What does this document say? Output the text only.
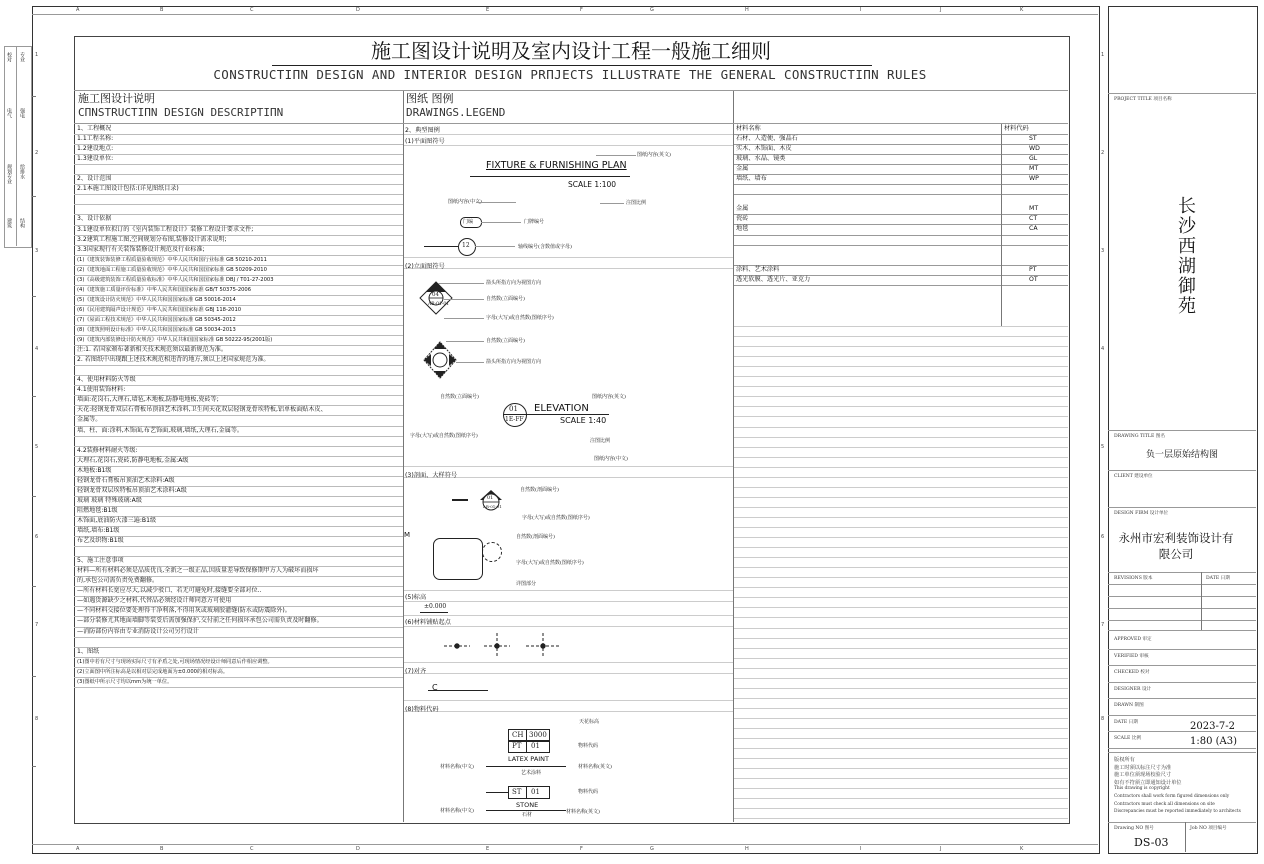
A	B	C	D	E	F	G	H	I	J	K
A	B	C	D	E	F	G	H	I	J	K
1
2
3
4
5
6
7
8
1
2
3
4
5
6
7
8
校对 专业
电气 强电
规划专业 给排水
建筑 结构
施工图设计说明及室内设计工程一般施工细则
CONSTRUCTIΠN DESIGN AND INTERIOR DESIGN PRΠJECTS ILLUSTRATE THE GENERAL CONSTRUCTIΠN RULES
施工图设计说明
CΠNSTRUCTIΠN DESIGN DESCRIPTIΠN
图纸 图例
DRAWINGS.LEGEND
1、工程概况
1.1工程名称:
1.2建设地点:
1.3建设单位:
2、设计范围
2.1本施工图设计包括:(详见图纸目录)
3、设计依据
3.1建设单位拟订的《室内装饰工程设计》装修工程设计要求文件;
3.2建筑工程施工图,空间规划分布图,装修设计需求说明;
3.3国家现行有关装饰装修设计规范及行业标准;
(1)《建筑装饰装修工程质量验收规范》中华人民共和国行业标准 GB 50210-2011
(2)《建筑地面工程施工质量验收规范》中华人民共和国国家标准 GB 50209-2010
(3)《高级建筑装饰工程质量验收标准》中华人民共和国国家标准 DBJ / T01-27-2003
(4)《建筑施工质量评价标准》中华人民共和国国家标准 GB/T 50375-2006
(5)《建筑设计防火规范》中华人民共和国国家标准 GB 50016-2014
(6)《民用建筑隔声设计规范》中华人民共和国国家标准 GBJ 118-2010
(7)《屋面工程技术规范》中华人民共和国国家标准 GB 50345-2012
(8)《建筑照明设计标准》中华人民共和国国家标准 GB 50034-2013
(9)《建筑内部装修设计防火规范》中华人民共和国国家标准 GB 50222-95(2001版)
注:1. 若国家颁布著新相关技术规范须以最新规范为准。
2. 若图纸中出现跟上述技术规范相违背的地方,须以上述国家规范为准。
4、使用材料防火等级
4.1使用装饰材料:
墙面:花岗石,大理石,墙毡,木地板,防静电地板,瓷砖等;
天花:轻钢龙骨双层石膏板吊顶油艺术涂料,卫生间天花双层轻钢龙骨埃特板,铝单板面贴木皮、
金属等。
墙、柱、面:涂料,木饰面,布艺饰面,玻璃,墙纸,大理石,金属等。
4.2装修材料耐火等级:
大理石,花岗石,瓷砖,防静电地板,金属:A级
木地板:B1级
轻钢龙骨石膏板吊顶油艺术涂料:A级
轻钢龙骨双层埃特板吊顶油艺术涂料:A级
玻璃 玻璃 特殊玻璃:A级
阻燃地毯:B1级
木饰面,底油防火漆三遍:B1级
墙纸,墙布:B1级
布艺及织物:B1级
5、施工注意事项
材料—所有材料必须是品质优良,全新之一级正品,因质量差导致保修期甲方人为破坏而损坏
的,承包公司需负责免费翻修。
—所有材料长宽应尽大,以减少驳口、若无可避免时,接缝要全部对位..
—如遇货源缺少之材料,代替品必须经设计师同意方可使用
—不同材料交接位要处理得干净利落,不得用灰或玻璃胶灌缝(防水或防震除外)。
—部分装修尤其地面墙脚等装妥后需加强保护,交付前之任何损坏承包公司需负责及时翻修。
—消防部份内容由专业消防设计公司另行设计
1、图纸
(1)图中若有尺寸与现场实际尺寸有矛盾之处,可现场情况经设计师同意后作相应调整。
(2)立面图中所注标高是以相对层完成地面为±0.000的相对标高。
(3)图纸中所示尺寸均以mm为统一单位。
材料名称	材料代码
石材、人造便、强晶石	ST
实木、木饰面、木皮	WD
玻璃、水晶、镜类	GL
金属	MT
墙纸、墙布	WP
金属	MT
瓷砖	CT
地毯	CA
涂料、艺术涂料	PT
透光软膜、透光片、亚克力	OT
2、典型图例
(1)平面图符号
FIXTURE & FURNISHING PLAN
SCALE 1:100
图纸内容(英文)
图纸内容(中文)	注图比例
门编	门牌编号
12	轴线编号(含数值或字母)
(2)立面图符号
04
AR-01-01
箭头所指方向为视图方向
自然数(立面编号)
字母(大写)或自然数(图纸序号)
自然数(立面编号)
箭头所指方向为视图方向
01
1E-FF
ELEVATION
SCALE 1:40
自然数(立面编号)	图纸内容(英文)
字母(大写)或自然数(图纸序号)
注图比例
图纸内容(中文)
(3)剖面、大样符号
01
AR-01-01
自然数(剖面编号)
字母(大写)或自然数(图纸序号)
自然数(剖面编号)
字母(大写)或自然数(图纸序号)
详图部分
M
(5)标高
±0.000
(6)材料铺贴起点
(7)对齐
C
(8)物料代码
CH 3000
天花标高
PT 01	物料代码
LATEX PAINT
材料名称(中文)
艺术涂料
材料名称(英文)
ST 01	物料代码
STONE
材料名称(中文)
石材	材料名称(英文)
PROJECT TITLE 项目名称
长沙西湖御苑
DRAWING TITLE 图名
负一层原始结构图
CLIENT 建设单位
DESIGN FIRM 设计单位
永州市宏利装饰设计有限公司
REVISIONS 版本	DATE 日期
APPROVED 审定
VERIFIED 审核
CHECKED 校对
DESIGNER 设计
DRAWN 制图
DATE 日期
SCALE 比例
2023-7-2
1:80 (A3)
版权所有
施工时须以标注尺寸为准
施工单位须现场校验尺寸
如有不符须立即通知设计单位
This drawing is copyright
Contractors shall work form figured dimensions only
Contractors must check all dimensions on site
Discrepancies must be reported immediately to architects
Drawing NO 图号	Job NO 项目编号
DS-03
